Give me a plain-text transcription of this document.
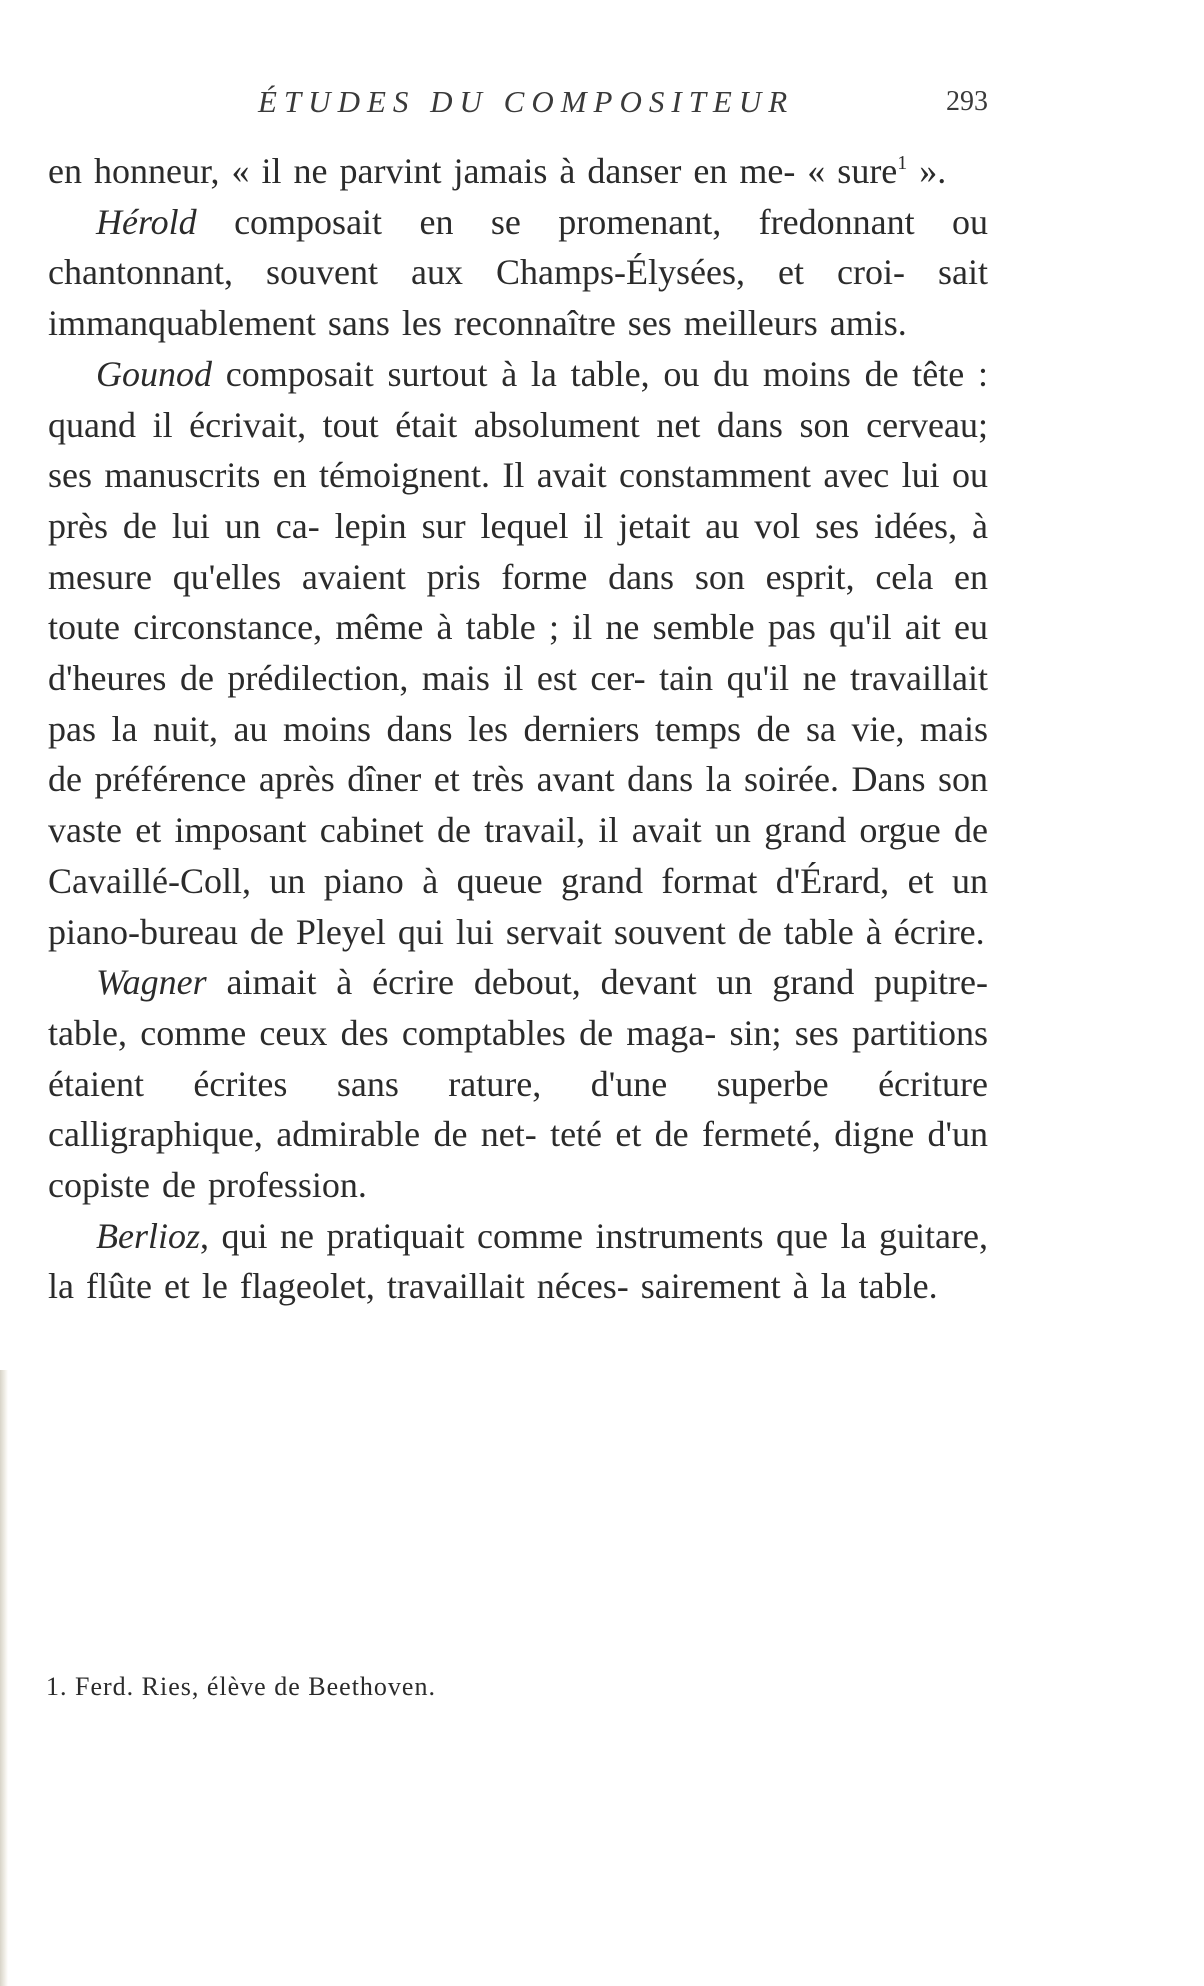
ÉTUDES DU COMPOSITEUR	293

en honneur, « il ne parvint jamais à danser en me- « sure$^1$ ».

Hérold composait en se promenant, fredonnant ou chantonnant, souvent aux Champs-Élysées, et croi- sait immanquablement sans les reconnaître ses meilleurs amis.

Gounod composait surtout à la table, ou du moins de tête : quand il écrivait, tout était absolument net dans son cerveau; ses manuscrits en témoignent. Il avait constamment avec lui ou près de lui un ca- lepin sur lequel il jetait au vol ses idées, à mesure qu'elles avaient pris forme dans son esprit, cela en toute circonstance, même à table ; il ne semble pas qu'il ait eu d'heures de prédilection, mais il est cer- tain qu'il ne travaillait pas la nuit, au moins dans les derniers temps de sa vie, mais de préférence après dîner et très avant dans la soirée. Dans son vaste et imposant cabinet de travail, il avait un grand orgue de Cavaillé-Coll, un piano à queue grand format d'Érard, et un piano-bureau de Pleyel qui lui servait souvent de table à écrire.

Wagner aimait à écrire debout, devant un grand pupitre-table, comme ceux des comptables de maga- sin; ses partitions étaient écrites sans rature, d'une superbe écriture calligraphique, admirable de net- teté et de fermeté, digne d'un copiste de profession.

Berlioz, qui ne pratiquait comme instruments que la guitare, la flûte et le flageolet, travaillait néces- sairement à la table.

1. Ferd. Ries, élève de Beethoven.
